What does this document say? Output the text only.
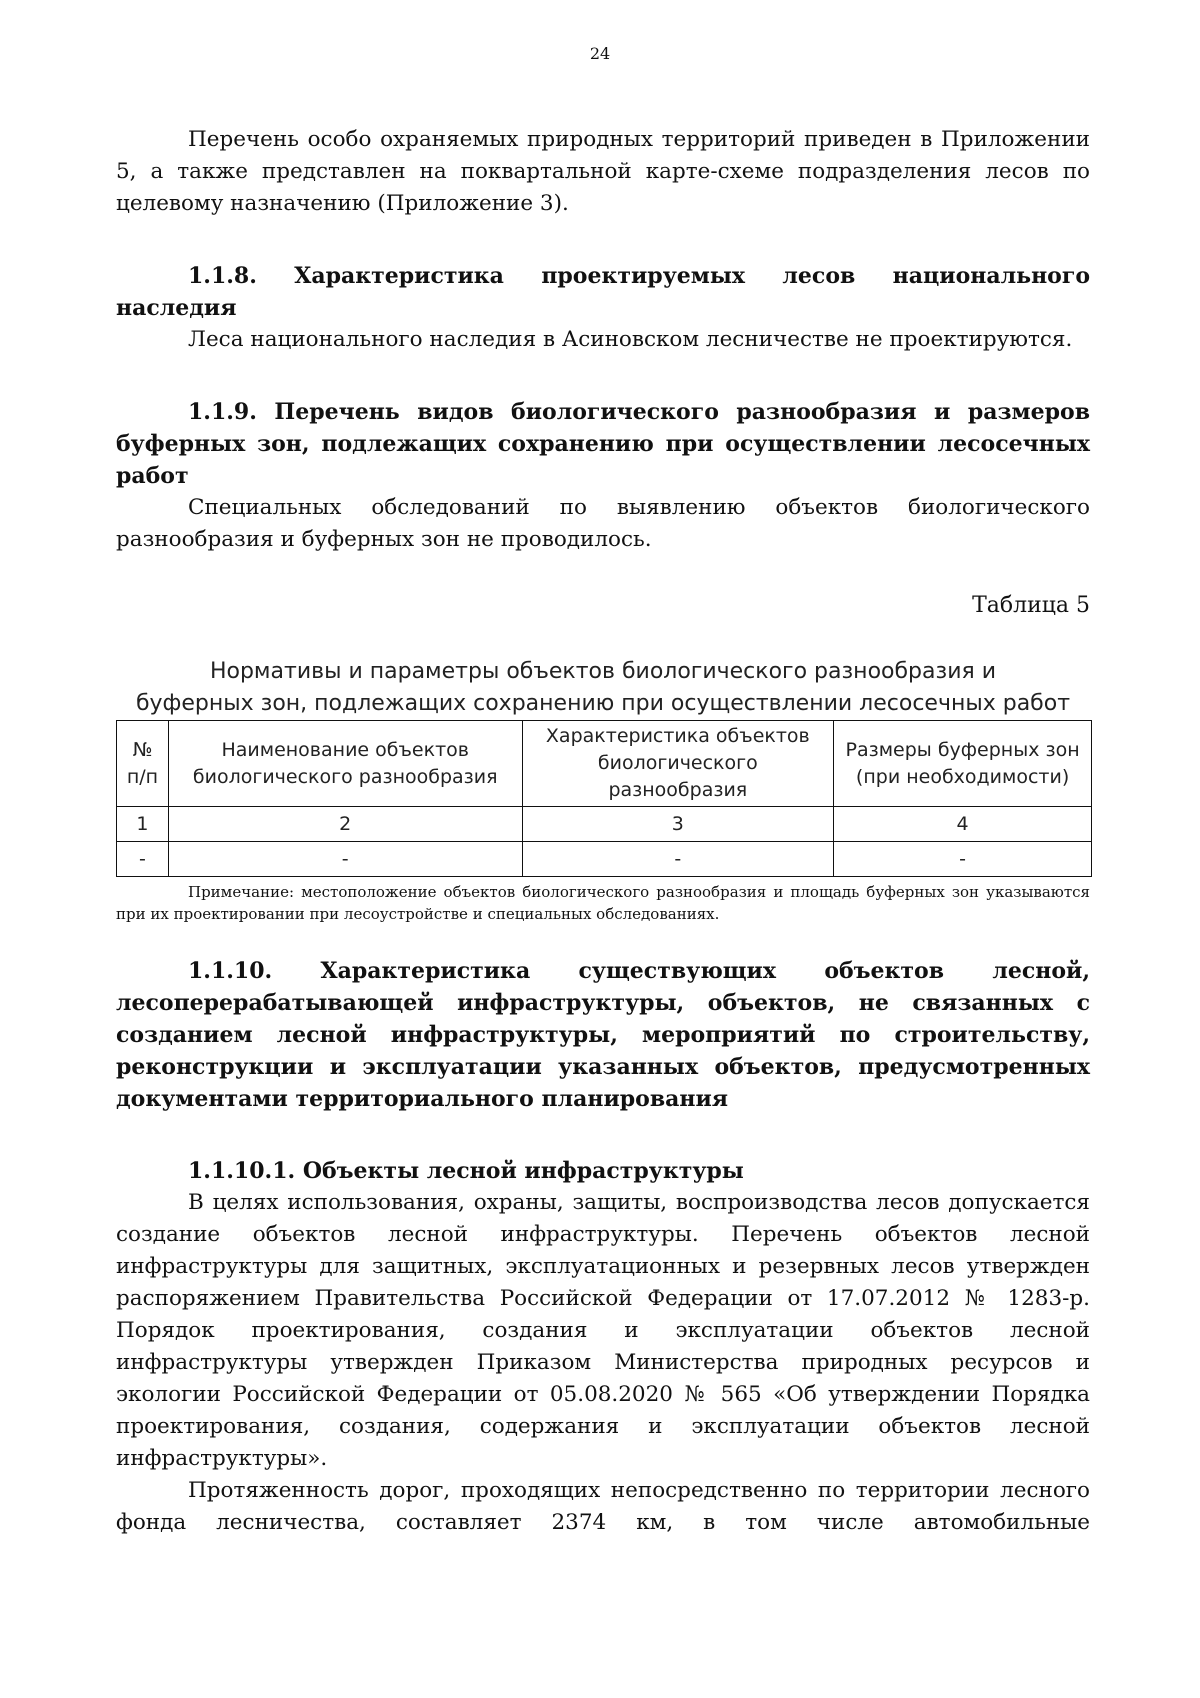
24

Перечень особо охраняемых природных территорий приведен в Приложении 5, а также представлен на поквартальной карте-схеме подразделения лесов по целевому назначению (Приложение 3).

1.1.8. Характеристика проектируемых лесов национального наследия

Леса национального наследия в Асиновском лесничестве не проектируются.

1.1.9. Перечень видов биологического разнообразия и размеров буферных зон, подлежащих сохранению при осуществлении лесосечных работ

Специальных обследований по выявлению объектов биологического разнообразия и буферных зон не проводилось.

Таблица 5
Нормативы и параметры объектов биологического разнообразия и
буферных зон, подлежащих сохранению при осуществлении лесосечных работ
№ п/п	Наименование объектов биологического разнообразия	Характеристика объектов биологического разнообразия	Размеры буферных зон (при необходимости)
1	2	3	4
-	-	-	-
Примечание: местоположение объектов биологического разнообразия и площадь буферных зон указываются при их проектировании при лесоустройстве и специальных обследованиях.
1.1.10. Характеристика существующих объектов лесной, лесоперерабатывающей инфраструктуры, объектов, не связанных с созданием лесной инфраструктуры, мероприятий по строительству, реконструкции и эксплуатации указанных объектов, предусмотренных документами территориального планирования
1.1.10.1. Объекты лесной инфраструктуры

В целях использования, охраны, защиты, воспроизводства лесов допускается создание объектов лесной инфраструктуры. Перечень объектов лесной инфраструктуры для защитных, эксплуатационных и резервных лесов утвержден распоряжением Правительства Российской Федерации от 17.07.2012 № 1283-р. Порядок проектирования, создания и эксплуатации объектов лесной инфраструктуры утвержден Приказом Министерства природных ресурсов и экологии Российской Федерации от 05.08.2020 № 565 «Об утверждении Порядка проектирования, создания, содержания и эксплуатации объектов лесной инфраструктуры».

Протяженность дорог, проходящих непосредственно по территории лесного фонда лесничества, составляет 2374 км, в том числе автомобильные
